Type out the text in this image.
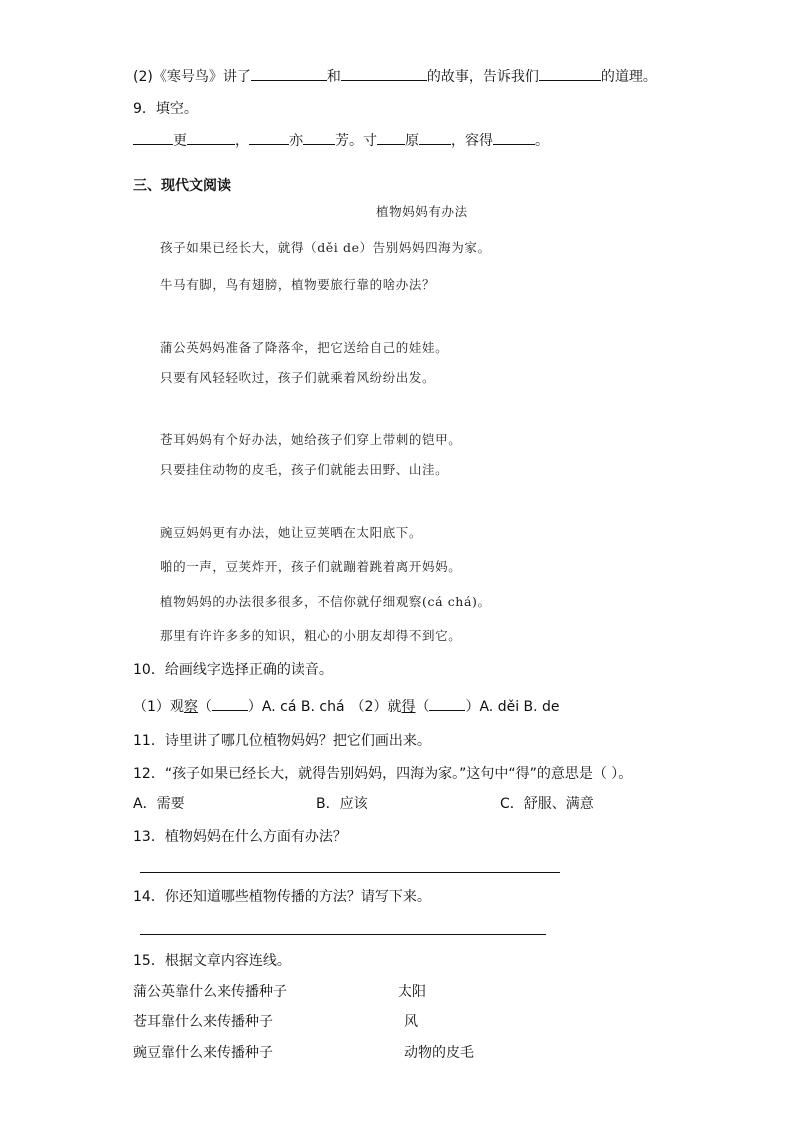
(2)《寒号鸟》讲了	和	的故事，告诉我们	的道理。
9．填空。
更	，	亦 芳。寸 原 ，容得	。
三、现代文阅读
植物妈妈有办法
孩子如果已经长大，就得（děi de）告别妈妈四海为家。
牛马有脚，鸟有翅膀，植物要旅行靠的啥办法？
蒲公英妈妈准备了降落伞，把它送给自己的娃娃。
只要有风轻轻吹过，孩子们就乘着风纷纷出发。
苍耳妈妈有个好办法，她给孩子们穿上带刺的铠甲。
只要挂住动物的皮毛，孩子们就能去田野、山洼。
豌豆妈妈更有办法，她让豆荚晒在太阳底下。
啪的一声，豆荚炸开，孩子们就蹦着跳着离开妈妈。
植物妈妈的办法很多很多，不信你就仔细观察(cá chá)。
那里有许许多多的知识，粗心的小朋友却得不到它。
10．给画线字选择正确的读音。
（1）观察（	）A. cá B. chá （2）就得（	）A. děi B. de
11．诗里讲了哪几位植物妈妈？把它们画出来。
12．“孩子如果已经长大，就得告别妈妈，四海为家。”这句中“得”的意思是（ ）。
A．需要	B．应该	C．舒服、满意
13．植物妈妈在什么方面有办法？
14．你还知道哪些植物传播的方法？请写下来。
15．根据文章内容连线。
蒲公英靠什么来传播种子
苍耳靠什么来传播种子
豌豆靠什么来传播种子
太阳
风
动物的皮毛
